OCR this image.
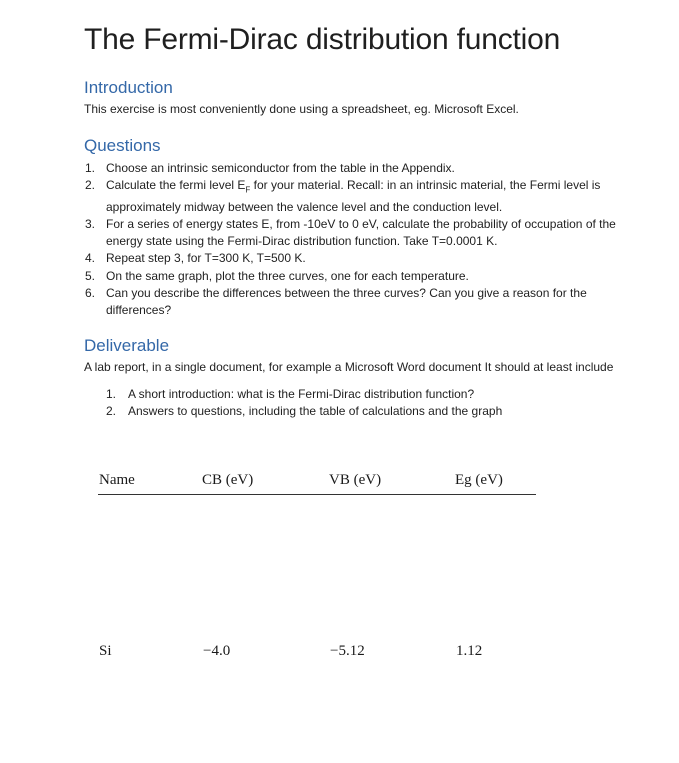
The Fermi-Dirac distribution function
Introduction

This exercise is most conveniently done using a spreadsheet, eg. Microsoft Excel.

Questions
1. Choose an intrinsic semiconductor from the table in the Appendix.
2. Calculate the fermi level $E_F$ for your material. Recall: in an intrinsic material, the Fermi level is approximately midway between the valence level and the conduction level.
3. For a series of energy states E, from -10eV to 0 eV, calculate the probability of occupation of the energy state using the Fermi-Dirac distribution function. Take T=0.0001 K.
4. Repeat step 3, for T=300 K, T=500 K.
5. On the same graph, plot the three curves, one for each temperature.
6. Can you describe the differences between the three curves? Can you give a reason for the differences?
Deliverable

A lab report, in a single document, for example a Microsoft Word document It should at least include

1. A short introduction: what is the Fermi-Dirac distribution function?
2. Answers to questions, including the table of calculations and the graph
Name	CB (eV)	VB (eV)	Eg (eV)
Si	−4.0	−5.12	1.12
